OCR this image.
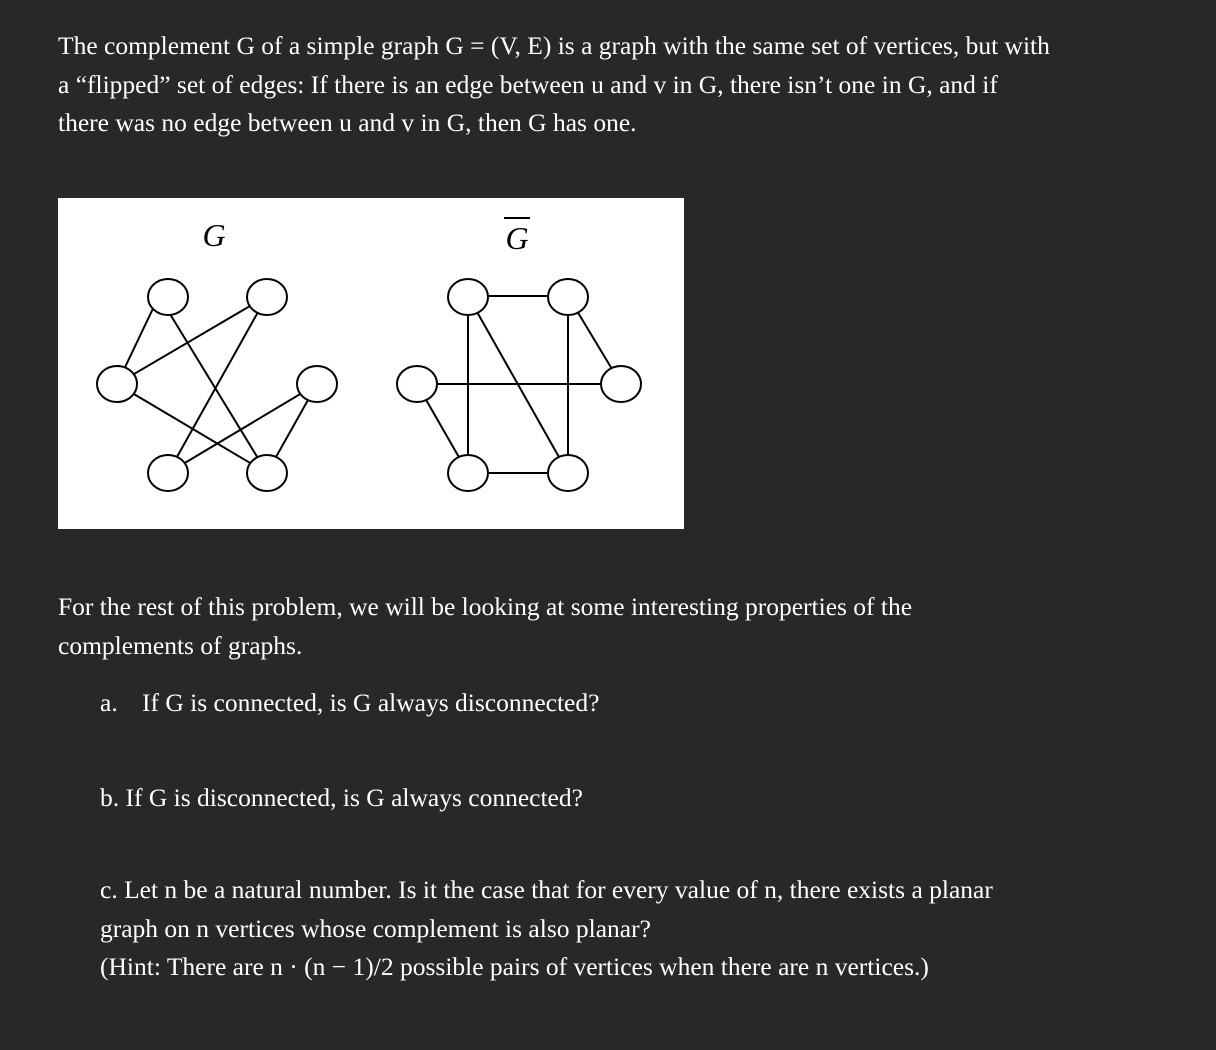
The complement G of a simple graph G = (V, E) is a graph with the same set of vertices, but with
a “flipped” set of edges: If there is an edge between u and v in G, there isn’t one in G, and if
there was no edge between u and v in G, then G has one.

G	G

For the rest of this problem, we will be looking at some interesting properties of the
complements of graphs.

a. If G is connected, is G always disconnected?

b. If G is disconnected, is G always connected?

c. Let n be a natural number. Is it the case that for every value of n, there exists a planar
graph on n vertices whose complement is also planar?
(Hint: There are n · (n − 1)/2 possible pairs of vertices when there are n vertices.)
